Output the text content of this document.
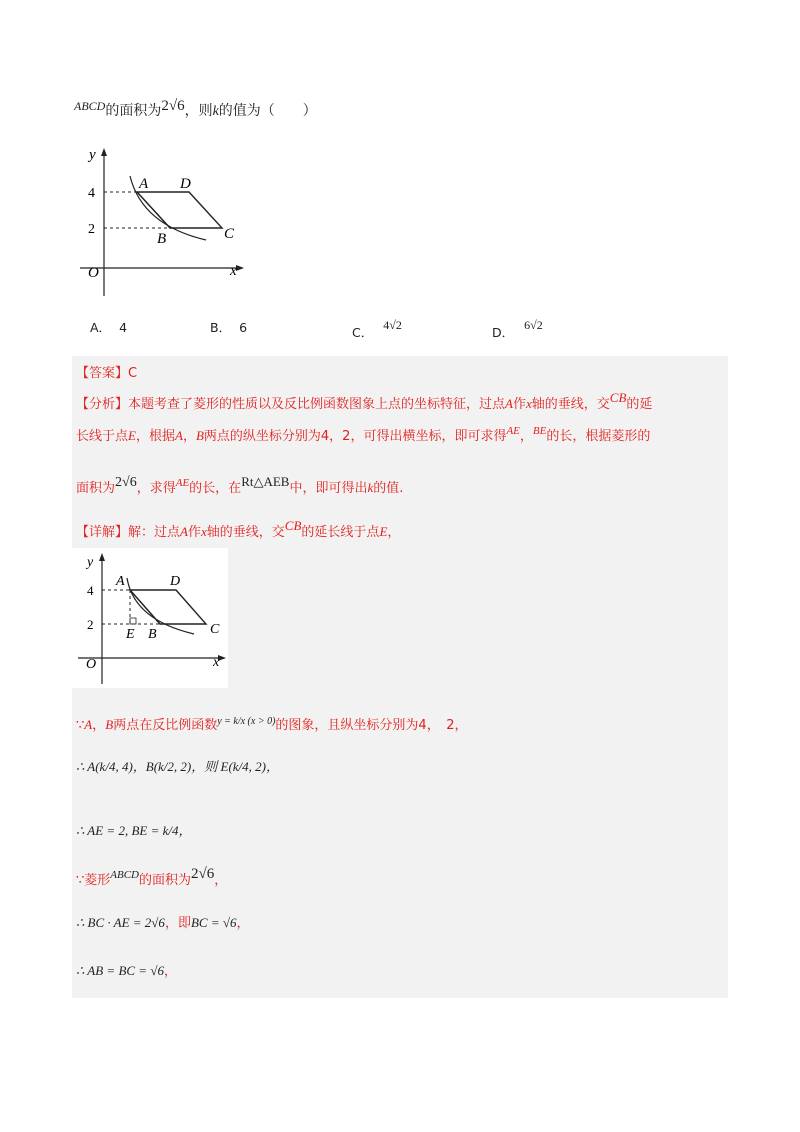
ABCD的面积为2√6，则k的值为（　　）
y
x
O
4
2
A D
C
B
A． 4	B． 6	C． 4√2	D． 6√2
【答案】C
【分析】本题考查了菱形的性质以及反比例函数图象上点的坐标特征，过点A作x轴的垂线，交CB的延
长线于点E，根据A，B两点的纵坐标分别为4，2，可得出横坐标，即可求得$^{AE}$，$^{BE}$的长，根据菱形的
面积为2√6，求得$^{AE}$的长，在Rt△AEB中，即可得出k的值.
【详解】解：过点A作x轴的垂线，交CB的延长线于点E，
y
x
O
4
2
A	D
C
B
E
∵A，B两点在反比例函数$^{y = k/x (x > 0)}$的图象，且纵坐标分别为4，　2，
∴ A(k/4, 4)，B(k/2, 2)，则 E(k/4, 2)，
∴ AE = 2, BE = k/4，
∵菱形$^{ABCD}$的面积为2√6，
∴ BC · AE = 2√6，即BC = √6，
∴ AB = BC = √6，
